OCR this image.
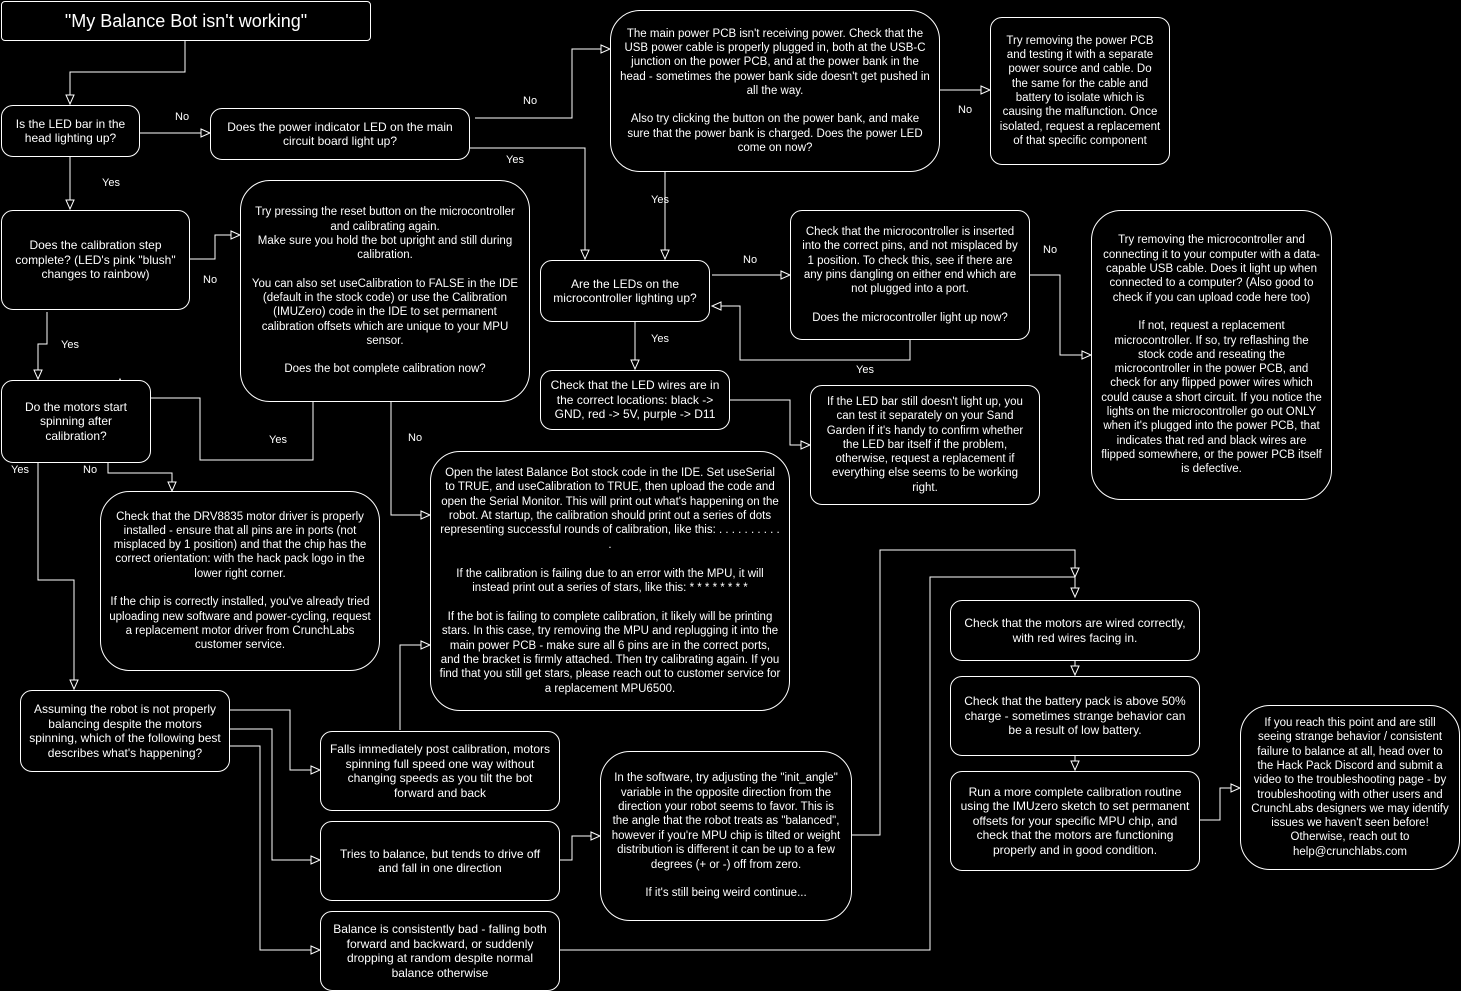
No
Yes
No
Yes
No
Yes
No
Yes
No
No
Yes
Yes
Yes	No
Yes	No
"My Balance Bot isn't working"
Is the LED bar in the head lighting up?
Does the power indicator LED on the main circuit board light up?
The main power PCB isn't receiving power. Check that the USB power cable is properly plugged in, both at the USB-C junction on the power PCB, and at the power bank in the head - sometimes the power bank side doesn't get pushed in all the way.

Also try clicking the button on the power bank, and make sure that the power bank is charged. Does the power LED come on now?
Try removing the power PCB and testing it with a separate power source and cable. Do the same for the cable and battery to isolate which is causing the malfunction. Once isolated, request a replacement of that specific component
Does the calibration step complete? (LED's pink "blush" changes to rainbow)
Try pressing the reset button on the microcontroller and calibrating again.
Make sure you hold the bot upright and still during calibration.

You can also set useCalibration to FALSE in the IDE (default in the stock code) or use the Calibration (IMUZero) code in the IDE to set permanent calibration offsets which are unique to your MPU sensor.

Does the bot complete calibration now?
Are the LEDs on the microcontroller lighting up?
Check that the microcontroller is inserted into the correct pins, and not misplaced by 1 position. To check this, see if there are any pins dangling on either end which are not plugged into a port.

Does the microcontroller light up now?
Try removing the microcontroller and connecting it to your computer with a data-capable USB cable. Does it light up when connected to a computer? (Also good to check if you can upload code here too)

If not, request a replacement microcontroller. If so, try reflashing the stock code and reseating the microcontroller in the power PCB, and check for any flipped power wires which could cause a short circuit. If you notice the lights on the microcontroller go out ONLY when it's plugged into the power PCB, that indicates that red and black wires are flipped somewhere, or the power PCB itself is defective.
Check that the LED wires are in the correct locations: black -> GND, red -> 5V, purple -> D11
If the LED bar still doesn't light up, you can test it separately on your Sand Garden if it's handy to confirm whether the LED bar itself if the problem, otherwise, request a replacement if everything else seems to be working right.
Do the motors start spinning after calibration?
Check that the DRV8835 motor driver is properly installed - ensure that all pins are in ports (not misplaced by 1 position) and that the chip has the correct orientation: with the hack pack logo in the lower right corner.

If the chip is correctly installed, you've already tried uploading new software and power-cycling, request a replacement motor driver from CrunchLabs customer service.
Open the latest Balance Bot stock code in the IDE. Set useSerial to TRUE, and useCalibration to TRUE, then upload the code and open the Serial Monitor. This will print out what's happening on the robot. At startup, the calibration should print out a series of dots representing successful rounds of calibration, like this: . . . . . . . . . . .

If the calibration is failing due to an error with the MPU, it will instead print out a series of stars, like this: * * * * * * * *

If the bot is failing to complete calibration, it likely will be printing stars. In this case, try removing the MPU and replugging it into the main power PCB - make sure all 6 pins are in the correct ports, and the bracket is firmly attached. Then try calibrating again. If you find that you still get stars, please reach out to customer service for a replacement MPU6500.
Assuming the robot is not properly balancing despite the motors spinning, which of the following best describes what's happening?	Falls immediately post calibration, motors spinning full speed one way without changing speeds as you tilt the bot forward and back
Tries to balance, but tends to drive off and fall in one direction
Balance is consistently bad - falling both forward and backward, or suddenly dropping at random despite normal balance otherwise
In the software, try adjusting the "init_angle" variable in the opposite direction from the direction your robot seems to favor. This is the angle that the robot treats as "balanced", however if you're MPU chip is tilted or weight distribution is different it can be up to a few degrees (+ or -) off from zero.

If it's still being weird continue...
Check that the motors are wired correctly, with red wires facing in.
Check that the battery pack is above 50% charge - sometimes strange behavior can be a result of low battery.
Run a more complete calibration routine using the IMUzero sketch to set permanent offsets for your specific MPU chip, and check that the motors are functioning properly and in good condition.
If you reach this point and are still seeing strange behavior / consistent failure to balance at all, head over to the Hack Pack Discord and submit a video to the troubleshooting page - by troubleshooting with other users and CrunchLabs designers we may identify issues we haven't seen before! Otherwise, reach out to help@crunchlabs.com
